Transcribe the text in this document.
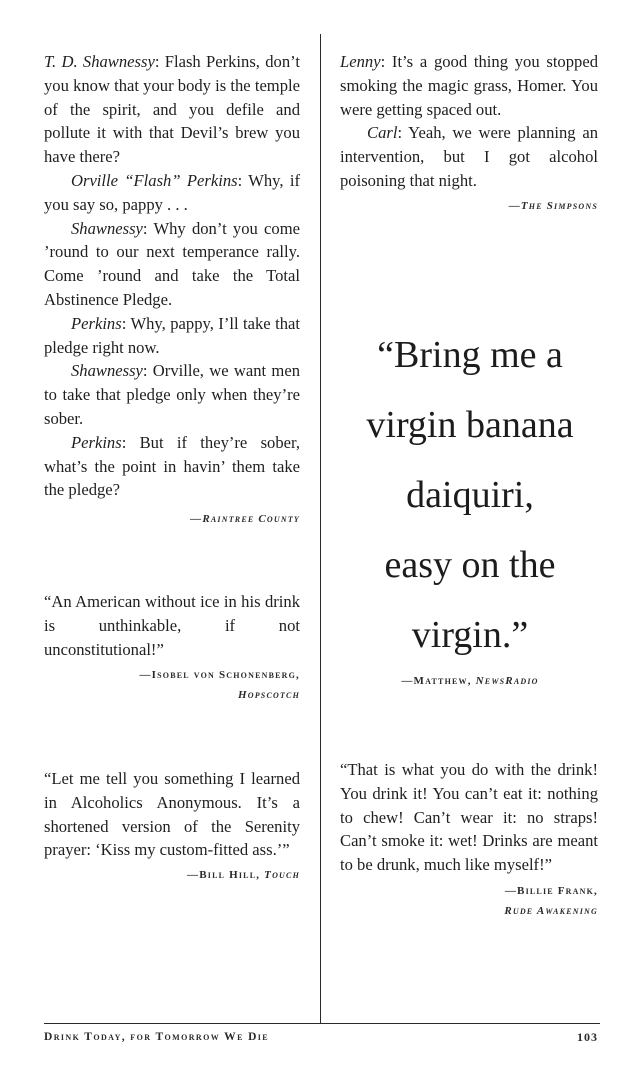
T. D. Shawnessy: Flash Perkins, don’t you know that your body is the temple of the spirit, and you defile and pollute it with that Devil’s brew you have there?

Orville “Flash” Perkins: Why, if you say so, pappy . . .

Shawnessy: Why don’t you come ’round to our next temperance rally. Come ’round and take the Total Abstinence Pledge.

Perkins: Why, pappy, I’ll take that pledge right now.

Shawnessy: Orville, we want men to take that pledge only when they’re sober.

Perkins: But if they’re sober, what’s the point in havin’ them take the pledge?

—Raintree County

“An American without ice in his drink is unthinkable, if not unconstitutional!”

—Isobel von Schonenberg,
Hopscotch

“Let me tell you something I learned in Alcoholics Anonymous. It’s a shortened version of the Serenity prayer: ‘Kiss my custom-fitted ass.’”

—Bill Hill, Touch

Lenny: It’s a good thing you stopped smoking the magic grass, Homer. You were getting spaced out.

Carl: Yeah, we were planning an intervention, but I got alcohol poisoning that night.

—The Simpsons

“Bring me a
virgin banana
daiquiri,
easy on the
virgin.”
—Matthew, NewsRadio

“That is what you do with the drink! You drink it! You can’t eat it: nothing to chew! Can’t wear it: no straps! Can’t smoke it: wet! Drinks are meant to be drunk, much like myself!”

—Billie Frank,
Rude Awakening

Drink Today, for Tomorrow We Die	103
